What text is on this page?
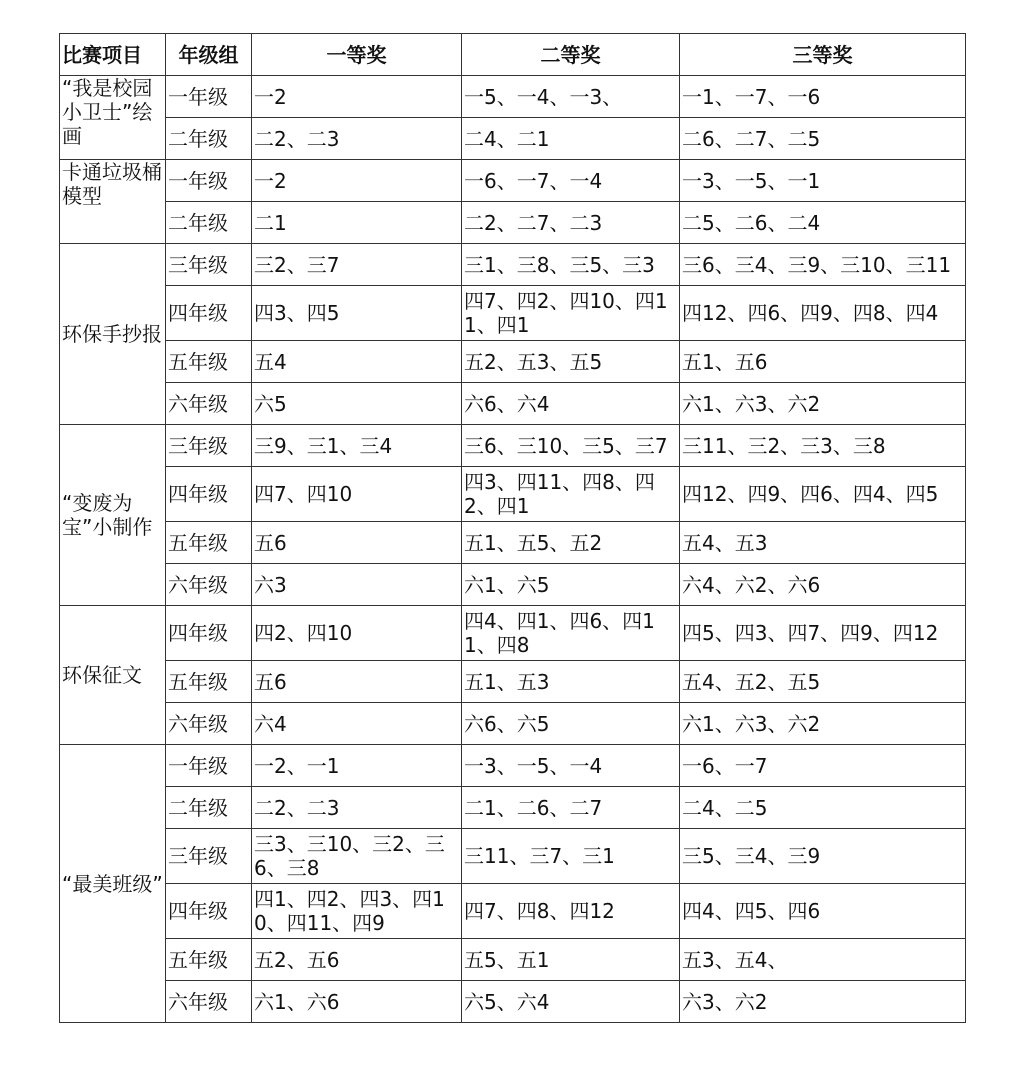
比赛项目	年级组	一等奖	二等奖	三等奖
“我是校园小卫士”绘画	一年级	一2	一5、一4、一3、	一1、一7、一6
	二年级	二2、二3	二4、二1	二6、二7、二5
卡通垃圾桶模型	一年级	一2	一6、一7、一4	一3、一5、一1
	二年级	二1	二2、二7、二3	二5、二6、二4
环保手抄报	三年级	三2、三7	三1、三8、三5、三3	三6、三4、三9、三10、三11
	四年级	四3、四5	四7、四2、四10、四11、四1	四12、四6、四9、四8、四4
	五年级	五4	五2、五3、五5	五1、五6
	六年级	六5	六6、六4	六1、六3、六2
“变废为宝”小制作	三年级	三9、三1、三4	三6、三10、三5、三7	三11、三2、三3、三8
	四年级	四7、四10	四3、四11、四8、四2、四1	四12、四9、四6、四4、四5
	五年级	五6	五1、五5、五2	五4、五3
	六年级	六3	六1、六5	六4、六2、六6
环保征文	四年级	四2、四10	四4、四1、四6、四11、四8	四5、四3、四7、四9、四12
	五年级	五6	五1、五3	五4、五2、五5
	六年级	六4	六6、六5	六1、六3、六2
“最美班级”	一年级	一2、一1	一3、一5、一4	一6、一7
	二年级	二2、二3	二1、二6、二7	二4、二5
	三年级	三3、三10、三2、三6、三8	三11、三7、三1	三5、三4、三9
	四年级	四1、四2、四3、四10、四11、四9	四7、四8、四12	四4、四5、四6
	五年级	五2、五6	五5、五1	五3、五4、
	六年级	六1、六6	六5、六4	六3、六2
